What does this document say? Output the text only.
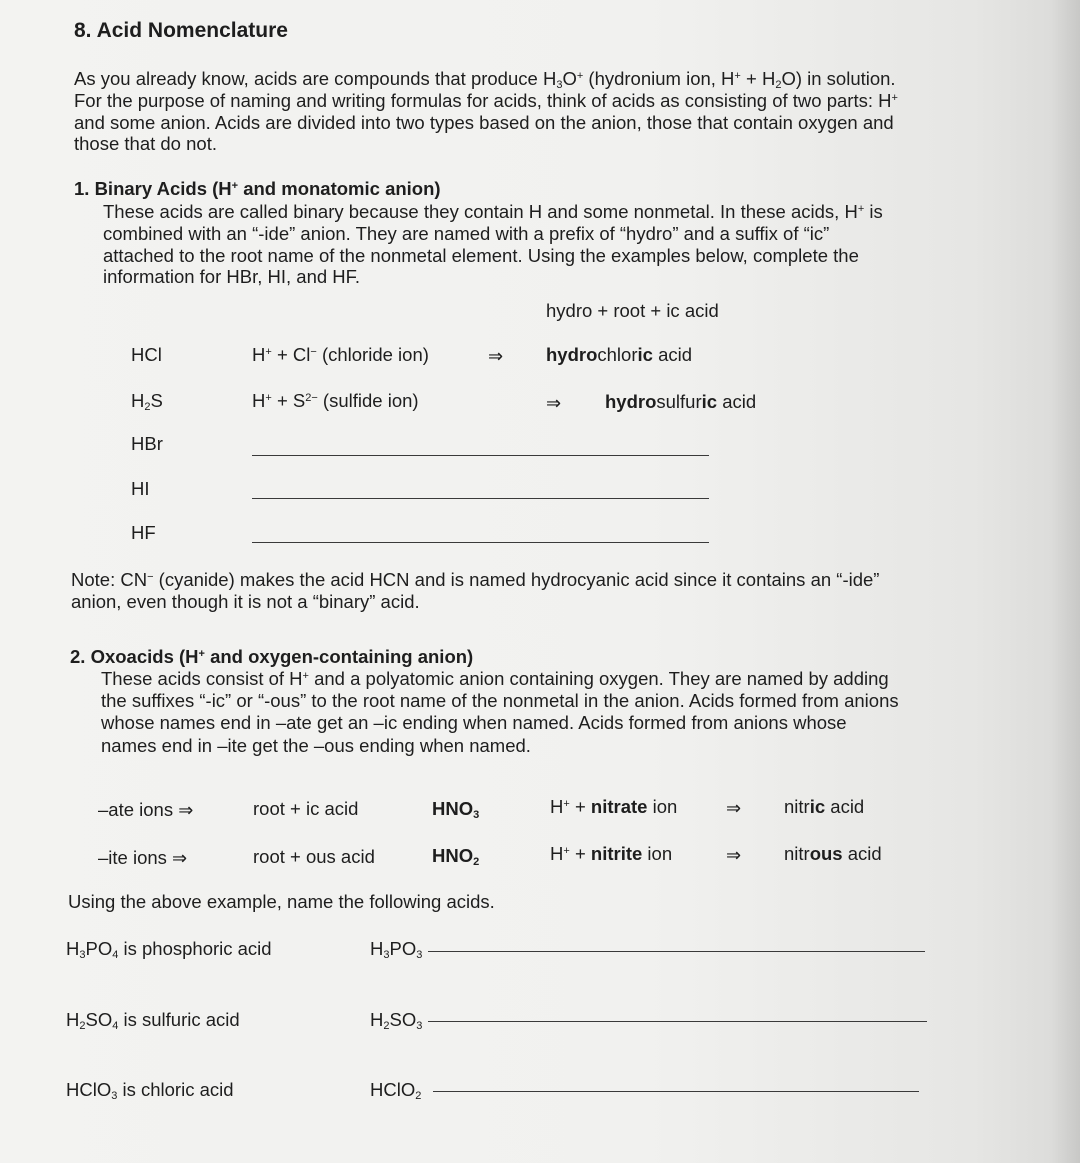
8. Acid Nomenclature
As you already know, acids are compounds that produce $H_3O^+$ (hydronium ion, $H^+ + H_2O$) in solution.
For the purpose of naming and writing formulas for acids, think of acids as consisting of two parts: H+
and some anion. Acids are divided into two types based on the anion, those that contain oxygen and
those that do not.
1. Binary Acids (H+ and monatomic anion)
These acids are called binary because they contain H and some nonmetal. In these acids, H+ is
combined with an “-ide” anion. They are named with a prefix of “hydro” and a suffix of “ic”
attached to the root name of the nonmetal element. Using the examples below, complete the
information for HBr, HI, and HF.
hydro + root + ic acid
HCl	H+ + Cl− (chloride ion)	⇒ hydrochloric acid
$H_2S$	$H^+ + S^{2-}$ (sulfide ion)	⇒ hydrosulfuric acid
HBr
HI
HF
Note: CN− (cyanide) makes the acid HCN and is named hydrocyanic acid since it contains an “-ide”
anion, even though it is not a “binary” acid.
2. Oxoacids (H+ and oxygen-containing anion)
These acids consist of H+ and a polyatomic anion containing oxygen. They are named by adding
the suffixes “-ic” or “-ous” to the root name of the nonmetal in the anion. Acids formed from anions
whose names end in –ate get an –ic ending when named. Acids formed from anions whose
names end in –ite get the –ous ending when named.
–ate ions ⇒	root + ic acid	$HNO_3$	H+ + nitrate ion	⇒ nitric acid
–ite ions ⇒	root + ous acid	$HNO_2$	H+ + nitrite ion	⇒ nitrous acid
Using the above example, name the following acids.
$H_3PO_4$ is phosphoric acid	$H_3PO_3$
$H_2SO_4$ is sulfuric acid	$H_2SO_3$
HClO$_3$ is chloric acid	HClO$_2$
